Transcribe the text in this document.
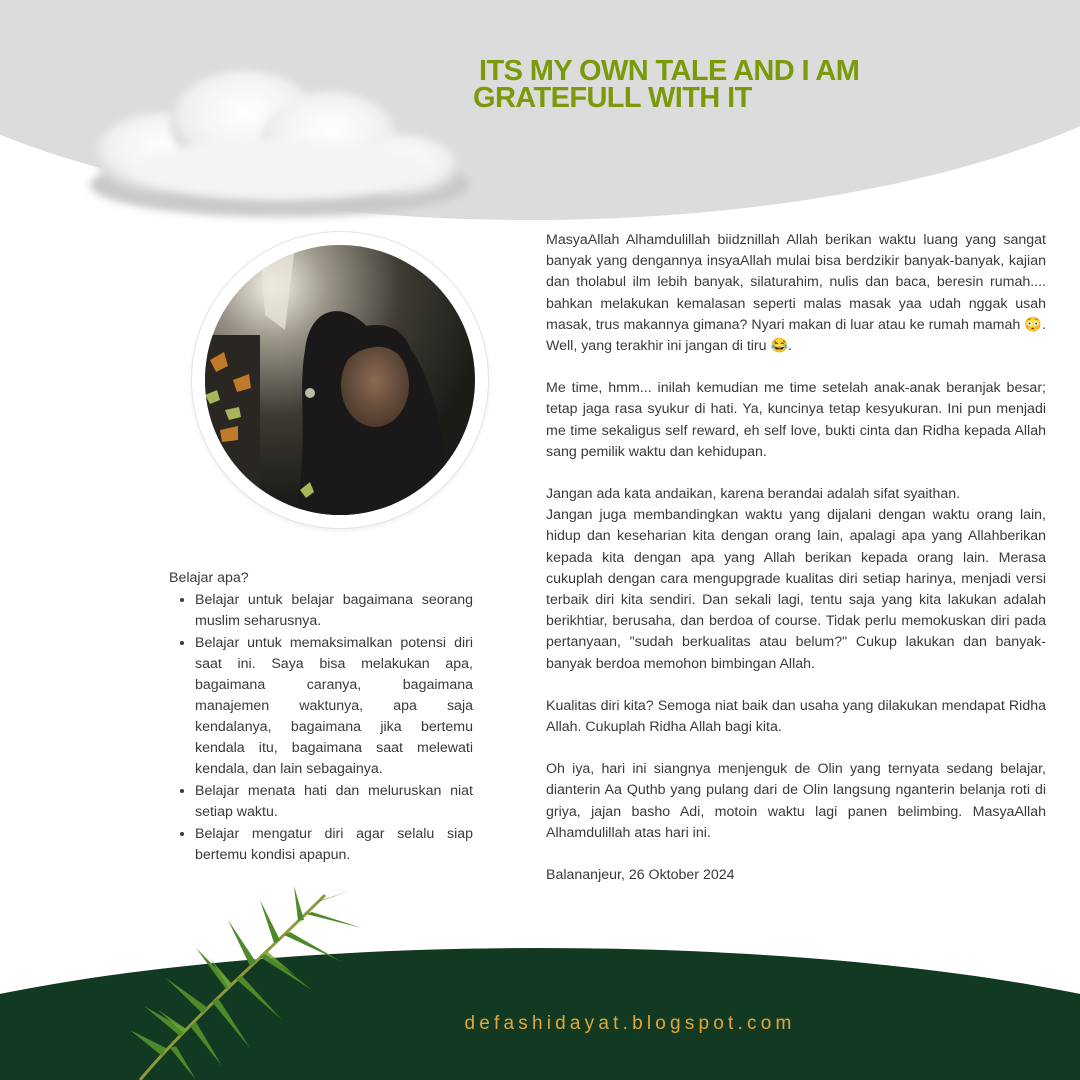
ITS MY OWN TALE AND I AM
GRATEFULL WITH IT

Belajar apa?

• Belajar untuk belajar bagaimana seorang muslim seharusnya.
• Belajar untuk memaksimalkan potensi diri saat ini. Saya bisa melakukan apa, bagaimana caranya, bagaimana manajemen waktunya, apa saja kendalanya, bagaimana jika bertemu kendala itu, bagaimana saat melewati kendala, dan lain sebagainya.
• Belajar menata hati dan meluruskan niat setiap waktu.
• Belajar mengatur diri agar selalu siap bertemu kondisi apapun.

MasyaAllah Alhamdulillah biidznillah Allah berikan waktu luang yang sangat banyak yang dengannya insyaAllah mulai bisa berdzikir banyak-banyak, kajian dan tholabul ilm lebih banyak, silaturahim, nulis dan baca, beresin rumah.... bahkan melakukan kemalasan seperti malas masak yaa udah nggak usah masak, trus makannya gimana? Nyari makan di luar atau ke rumah mamah 😳. Well, yang terakhir ini jangan di tiru 😂.

Me time, hmm... inilah kemudian me time setelah anak-anak beranjak besar; tetap jaga rasa syukur di hati. Ya, kuncinya tetap kesyukuran. Ini pun menjadi me time sekaligus self reward, eh self love, bukti cinta dan Ridha kepada Allah sang pemilik waktu dan kehidupan.

Jangan ada kata andaikan, karena berandai adalah sifat syaithan.

Jangan juga membandingkan waktu yang dijalani dengan waktu orang lain, hidup dan keseharian kita dengan orang lain, apalagi apa yang Allahberikan kepada kita dengan apa yang Allah berikan kepada orang lain. Merasa cukuplah dengan cara mengupgrade kualitas diri setiap harinya, menjadi versi terbaik diri kita sendiri. Dan sekali lagi, tentu saja yang kita lakukan adalah berikhtiar, berusaha, dan berdoa of course. Tidak perlu memokuskan diri pada pertanyaan, "sudah berkualitas atau belum?" Cukup lakukan dan banyak-banyak berdoa memohon bimbingan Allah.

Kualitas diri kita? Semoga niat baik dan usaha yang dilakukan mendapat Ridha Allah. Cukuplah Ridha Allah bagi kita.

Oh iya, hari ini siangnya menjenguk de Olin yang ternyata sedang belajar, dianterin Aa Quthb yang pulang dari de Olin langsung nganterin belanja roti di griya, jajan basho Adi, motoin waktu lagi panen belimbing. MasyaAllah Alhamdulillah atas hari ini.

Balananjeur, 26 Oktober 2024

defashidayat.blogspot.com
